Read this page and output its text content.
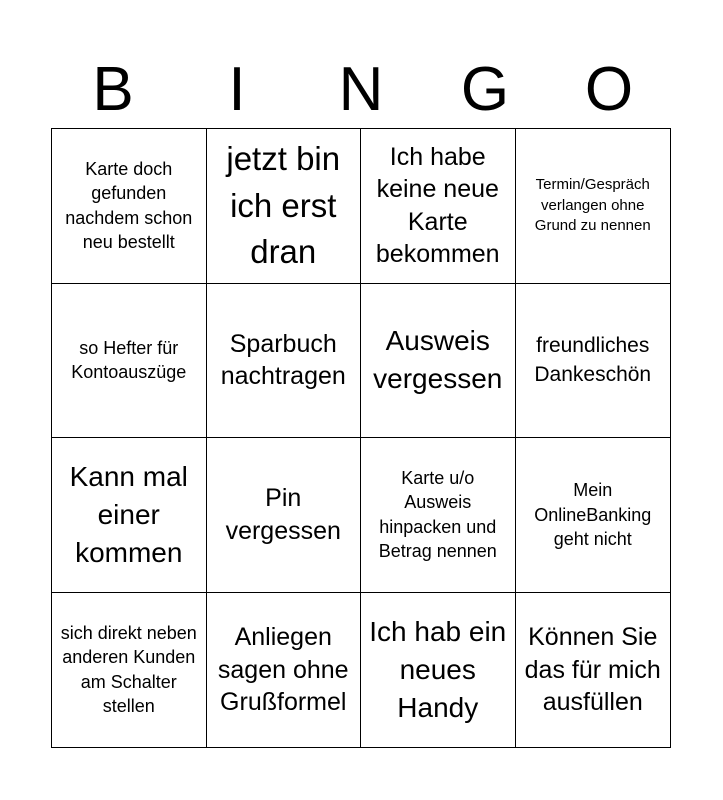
B	I	N	G	O
Karte doch gefunden nachdem schon neu bestellt
jetzt bin ich erst dran
Ich habe keine neue Karte bekommen
Termin/Gespräch verlangen ohne Grund zu nennen
so Hefter für Kontoauszüge
Sparbuch nachtragen
Ausweis vergessen
freundliches Dankeschön
Kann mal einer kommen
Pin vergessen
Karte u/o Ausweis hinpacken und Betrag nennen
Mein OnlineBanking geht nicht
sich direkt neben anderen Kunden am Schalter stellen
Anliegen sagen ohne Grußformel
Ich hab ein neues Handy
Können Sie das für mich ausfüllen
